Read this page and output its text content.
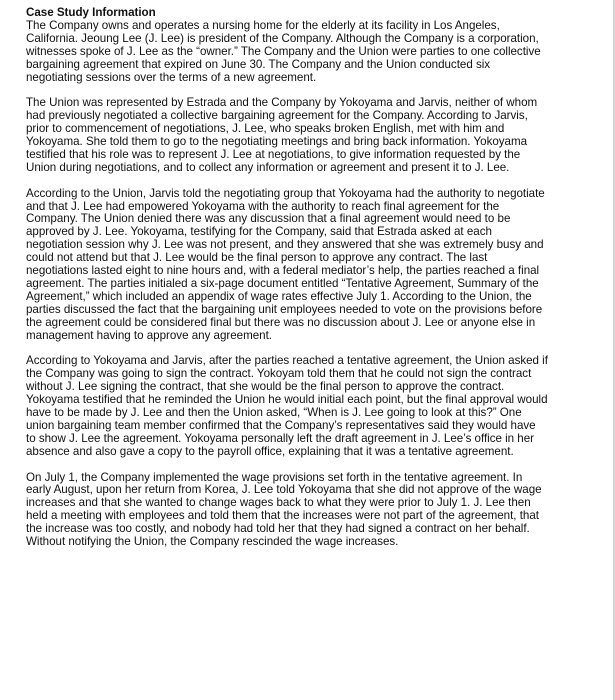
Case Study Information

The Company owns and operates a nursing home for the elderly at its facility in Los Angeles, California. Jeoung Lee (J. Lee) is president of the Company. Although the Company is a corporation, witnesses spoke of J. Lee as the “owner.” The Company and the Union were parties to one collective bargaining agreement that expired on June 30. The Company and the Union conducted six negotiating sessions over the terms of a new agreement.

The Union was represented by Estrada and the Company by Yokoyama and Jarvis, neither of whom had previously negotiated a collective bargaining agreement for the Company. According to Jarvis, prior to commencement of negotiations, J. Lee, who speaks broken English, met with him and Yokoyama. She told them to go to the negotiating meetings and bring back information. Yokoyama testified that his role was to represent J. Lee at negotiations, to give information requested by the Union during negotiations, and to collect any information or agreement and present it to J. Lee.

According to the Union, Jarvis told the negotiating group that Yokoyama had the authority to negotiate and that J. Lee had empowered Yokoyama with the authority to reach final agreement for the Company. The Union denied there was any discussion that a final agreement would need to be approved by J. Lee. Yokoyama, testifying for the Company, said that Estrada asked at each negotiation session why J. Lee was not present, and they answered that she was extremely busy and could not attend but that J. Lee would be the final person to approve any contract. The last negotiations lasted eight to nine hours and, with a federal mediator’s help, the parties reached a final agreement. The parties initialed a six-page document entitled “Tentative Agreement, Summary of the Agreement,” which included an appendix of wage rates effective July 1. According to the Union, the parties discussed the fact that the bargaining unit employees needed to vote on the provisions before the agreement could be considered final but there was no discussion about J. Lee or anyone else in management having to approve any agreement.

According to Yokoyama and Jarvis, after the parties reached a tentative agreement, the Union asked if the Company was going to sign the contract. Yokoyam told them that he could not sign the contract without J. Lee signing the contract, that she would be the final person to approve the contract. Yokoyama testified that he reminded the Union he would initial each point, but the final approval would have to be made by J. Lee and then the Union asked, “When is J. Lee going to look at this?” One union bargaining team member confirmed that the Company’s representatives said they would have to show J. Lee the agreement. Yokoyama personally left the draft agreement in J. Lee’s office in her absence and also gave a copy to the payroll office, explaining that it was a tentative agreement.

On July 1, the Company implemented the wage provisions set forth in the tentative agreement. In early August, upon her return from Korea, J. Lee told Yokoyama that she did not approve of the wage increases and that she wanted to change wages back to what they were prior to July 1. J. Lee then held a meeting with employees and told them that the increases were not part of the agreement, that the increase was too costly, and nobody had told her that they had signed a contract on her behalf. Without notifying the Union, the Company rescinded the wage increases.
